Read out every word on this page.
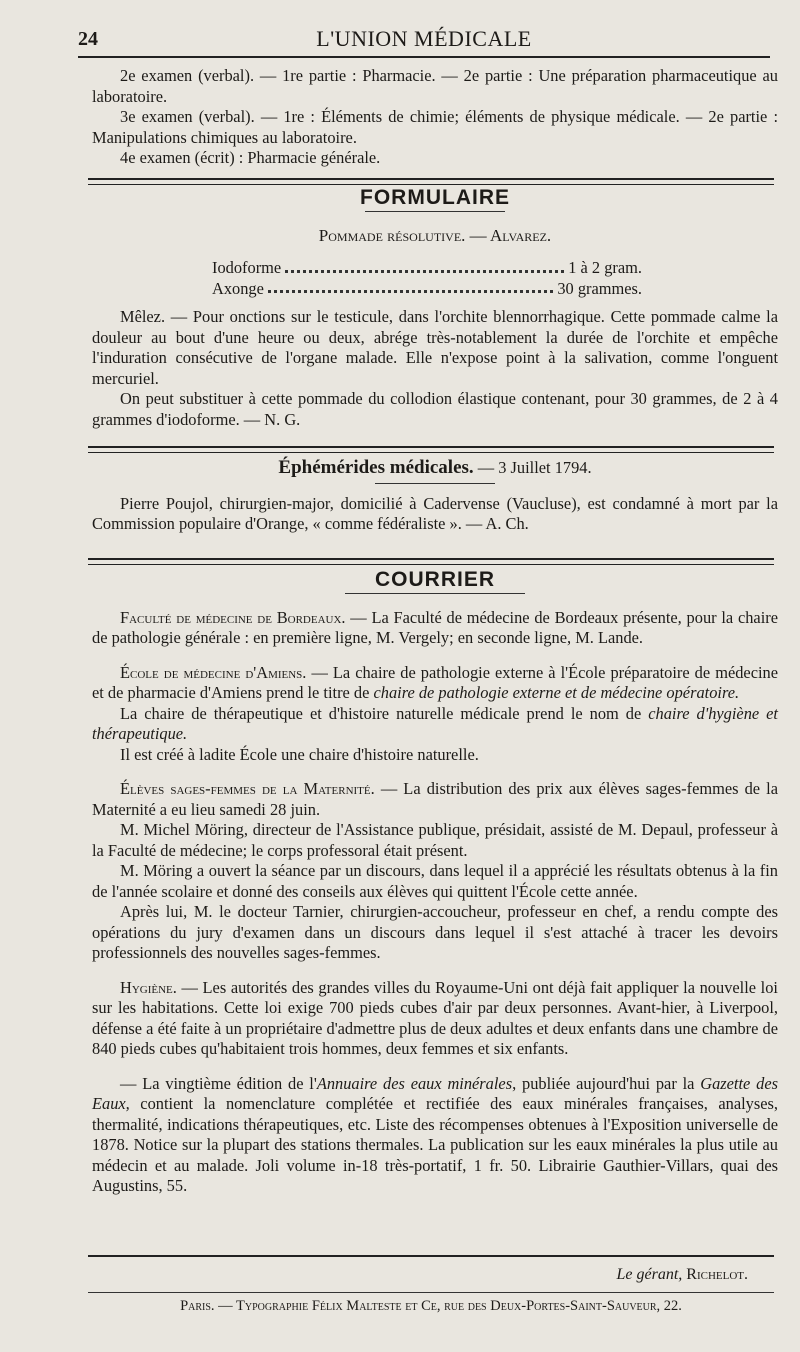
24	L'UNION MÉDICALE

2e examen (verbal). — 1re partie : Pharmacie. — 2e partie : Une préparation pharmaceutique au laboratoire.

3e examen (verbal). — 1re : Éléments de chimie; éléments de physique médicale. — 2e partie : Manipulations chimiques au laboratoire.

4e examen (écrit) : Pharmacie générale.

FORMULAIRE
Pommade résolutive. — Alvarez.
Iodoforme	1 à 2 gram.
Axonge	30 grammes.

Mêlez. — Pour onctions sur le testicule, dans l'orchite blennorrhagique. Cette pommade calme la douleur au bout d'une heure ou deux, abrége très-notablement la durée de l'orchite et empêche l'induration consécutive de l'organe malade. Elle n'expose point à la salivation, comme l'onguent mercuriel.

On peut substituer à cette pommade du collodion élastique contenant, pour 30 grammes, de 2 à 4 grammes d'iodoforme. — N. G.

Éphémérides médicales. — 3 Juillet 1794.

Pierre Poujol, chirurgien-major, domicilié à Cadervense (Vaucluse), est condamné à mort par la Commission populaire d'Orange, « comme fédéraliste ». — A. Ch.

COURRIER

Faculté de médecine de Bordeaux. — La Faculté de médecine de Bordeaux présente, pour la chaire de pathologie générale : en première ligne, M. Vergely; en seconde ligne, M. Lande.

École de médecine d'Amiens. — La chaire de pathologie externe à l'École préparatoire de médecine et de pharmacie d'Amiens prend le titre de chaire de pathologie externe et de médecine opératoire.

La chaire de thérapeutique et d'histoire naturelle médicale prend le nom de chaire d'hygiène et thérapeutique.

Il est créé à ladite École une chaire d'histoire naturelle.

Élèves sages-femmes de la Maternité. — La distribution des prix aux élèves sages-femmes de la Maternité a eu lieu samedi 28 juin.

M. Michel Möring, directeur de l'Assistance publique, présidait, assisté de M. Depaul, professeur à la Faculté de médecine; le corps professoral était présent.

M. Möring a ouvert la séance par un discours, dans lequel il a apprécié les résultats obtenus à la fin de l'année scolaire et donné des conseils aux élèves qui quittent l'École cette année.

Après lui, M. le docteur Tarnier, chirurgien-accoucheur, professeur en chef, a rendu compte des opérations du jury d'examen dans un discours dans lequel il s'est attaché à tracer les devoirs professionnels des nouvelles sages-femmes.

Hygiène. — Les autorités des grandes villes du Royaume-Uni ont déjà fait appliquer la nouvelle loi sur les habitations. Cette loi exige 700 pieds cubes d'air par deux personnes. Avant-hier, à Liverpool, défense a été faite à un propriétaire d'admettre plus de deux adultes et deux enfants dans une chambre de 840 pieds cubes qu'habitaient trois hommes, deux femmes et six enfants.

— La vingtième édition de l'Annuaire des eaux minérales, publiée aujourd'hui par la Gazette des Eaux, contient la nomenclature complétée et rectifiée des eaux minérales françaises, analyses, thermalité, indications thérapeutiques, etc. Liste des récompenses obtenues à l'Exposition universelle de 1878. Notice sur la plupart des stations thermales. La publication sur les eaux minérales la plus utile au médecin et au malade. Joli volume in-18 très-portatif, 1 fr. 50. Librairie Gauthier-Villars, quai des Augustins, 55.

Le gérant, Richelot.
Paris. — Typographie Félix Malteste et Ce, rue des Deux-Portes-Saint-Sauveur, 22.
